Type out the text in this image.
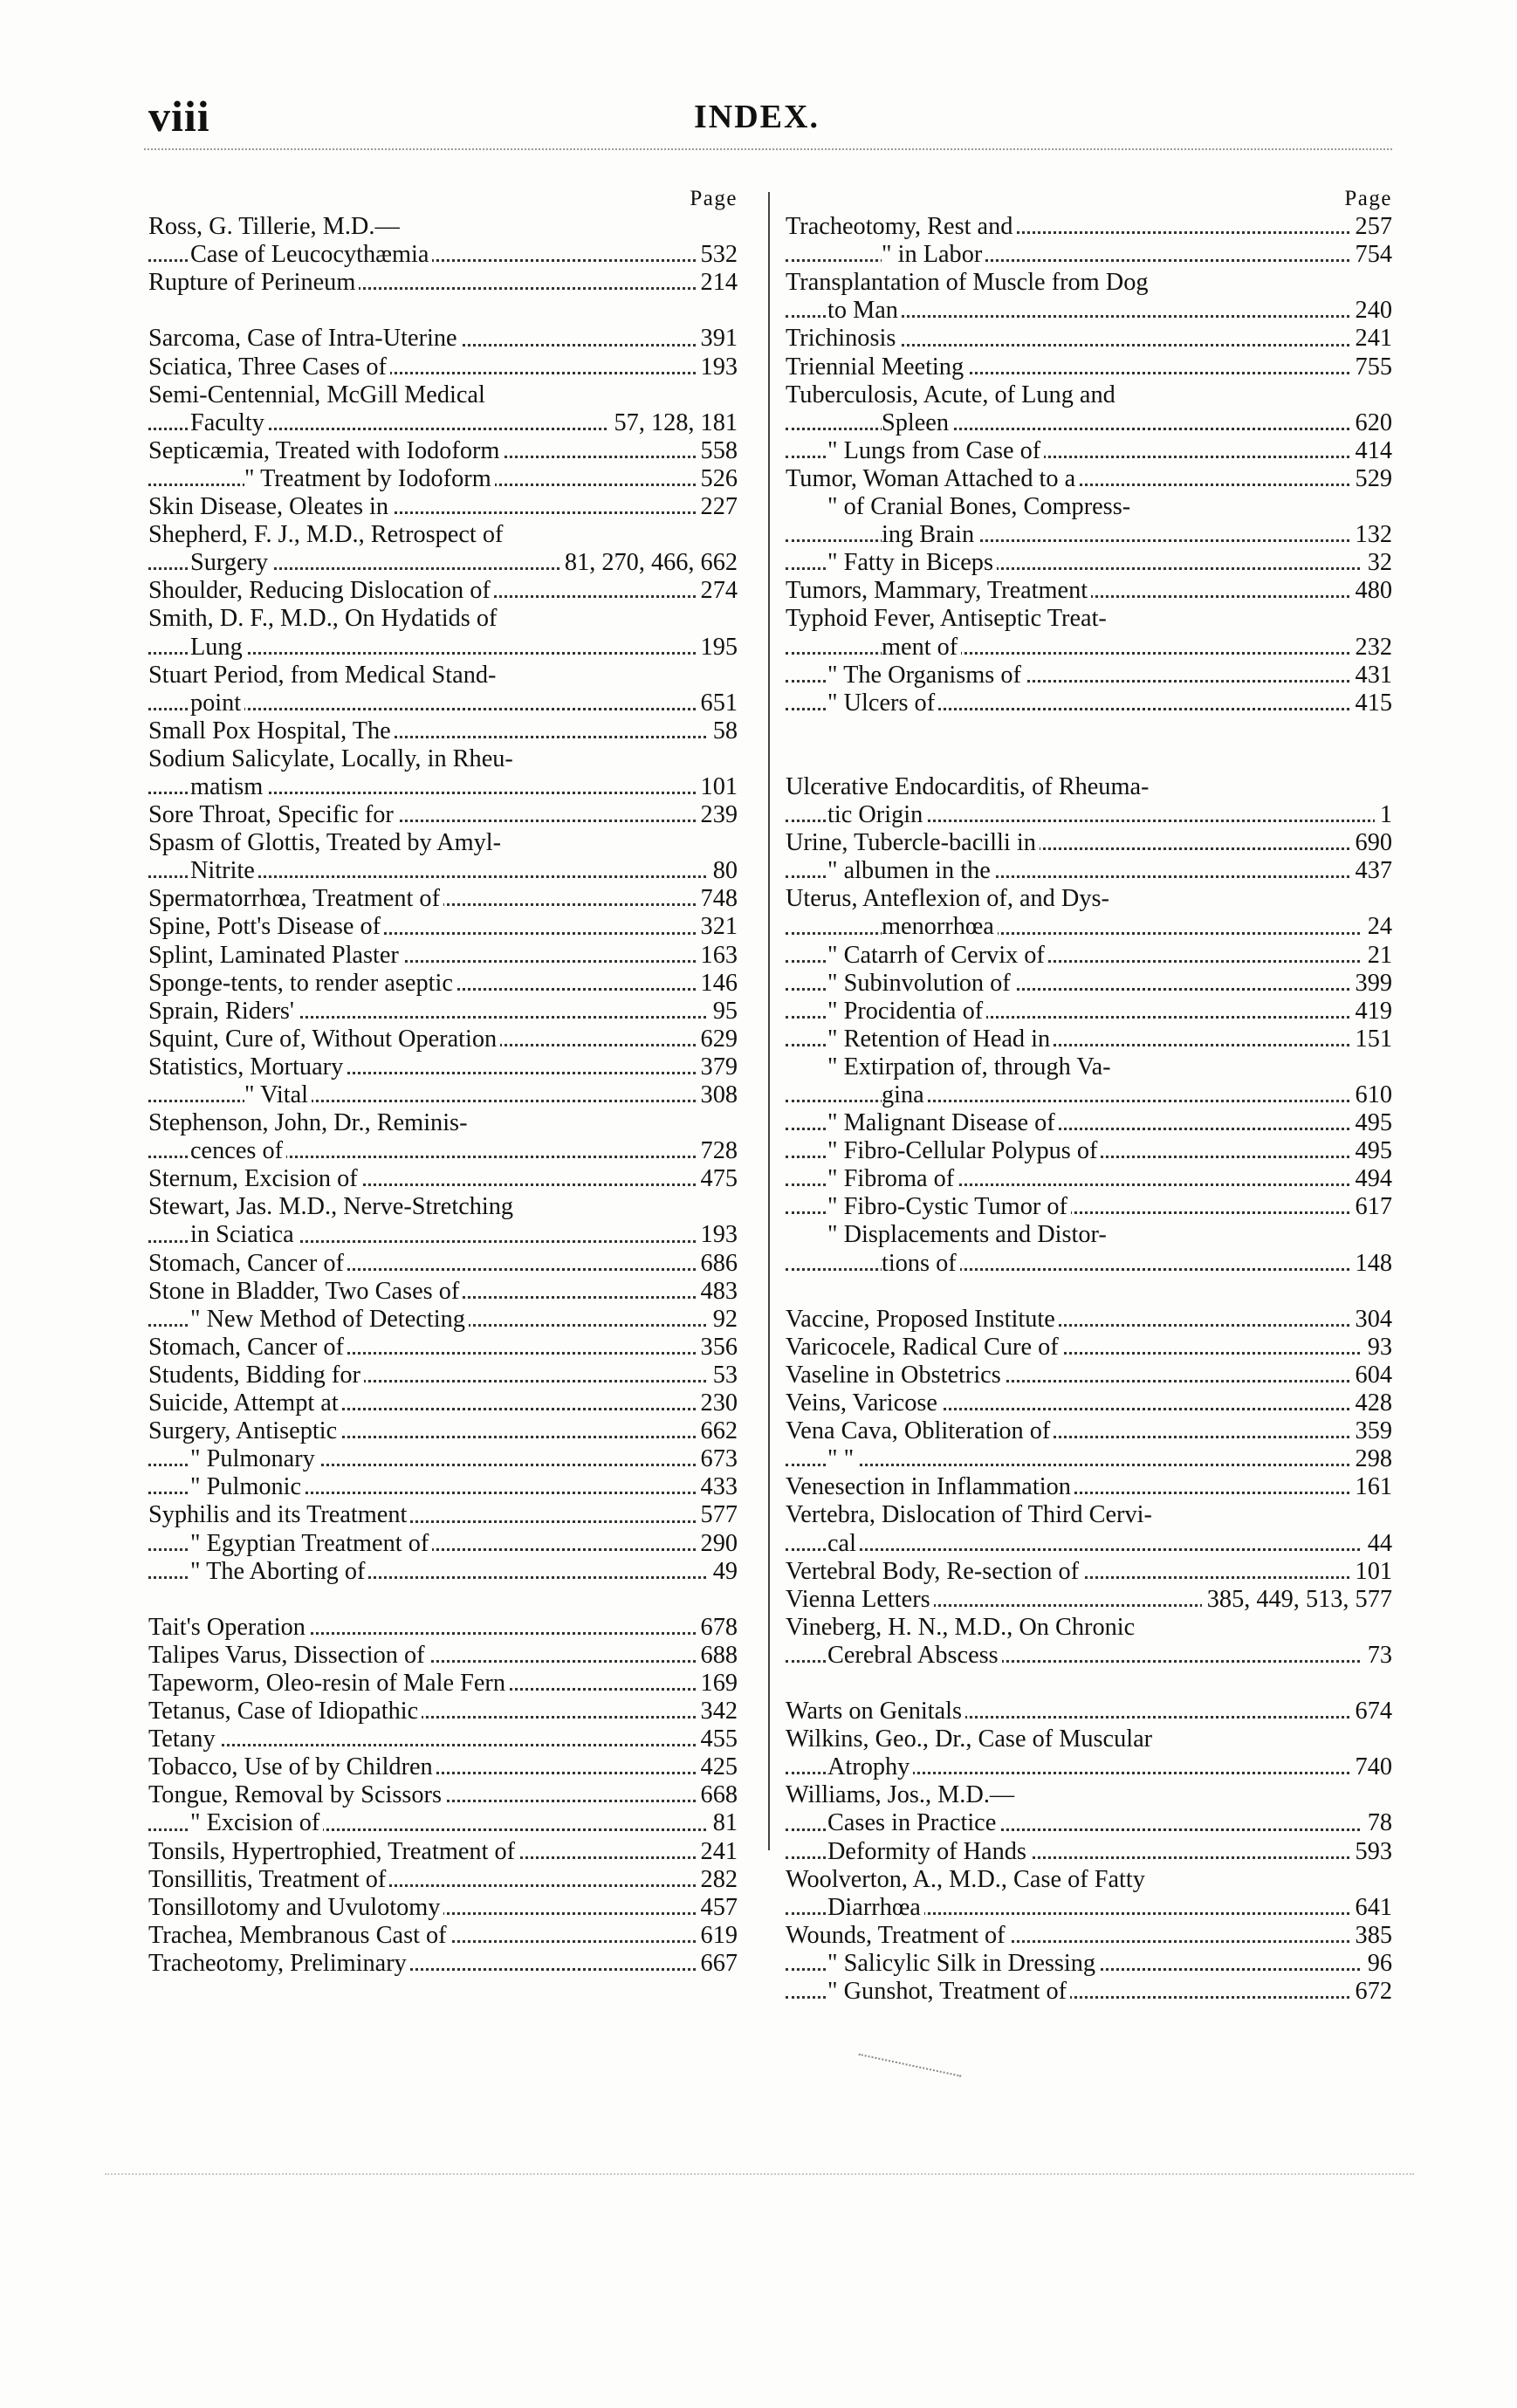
viii	INDEX.
Page
Ross, G. Tillerie, M.D.—
Case of Leucocythæmia	532
Rupture of Perineum	214
Sarcoma, Case of Intra-Uterine	391
Sciatica, Three Cases of	193
Semi-Centennial, McGill Medical
Faculty	57, 128, 181
Septicæmia, Treated with Iodoform	558
" Treatment by Iodoform	526
Skin Disease, Oleates in	227
Shepherd, F. J., M.D., Retrospect of
Surgery	81, 270, 466, 662
Shoulder, Reducing Dislocation of	274
Smith, D. F., M.D., On Hydatids of
Lung	195
Stuart Period, from Medical Stand-
point	651
Small Pox Hospital, The	58
Sodium Salicylate, Locally, in Rheu-
matism	101
Sore Throat, Specific for	239
Spasm of Glottis, Treated by Amyl-
Nitrite	80
Spermatorrhœa, Treatment of	748
Spine, Pott's Disease of	321
Splint, Laminated Plaster	163
Sponge-tents, to render aseptic	146
Sprain, Riders'	95
Squint, Cure of, Without Operation	629
Statistics, Mortuary	379
" Vital	308
Stephenson, John, Dr., Reminis-
cences of	728
Sternum, Excision of	475
Stewart, Jas. M.D., Nerve-Stretching
in Sciatica	193
Stomach, Cancer of	686
Stone in Bladder, Two Cases of	483
" New Method of Detecting	92
Stomach, Cancer of	356
Students, Bidding for	53
Suicide, Attempt at	230
Surgery, Antiseptic	662
" Pulmonary	673
" Pulmonic	433
Syphilis and its Treatment	577
" Egyptian Treatment of	290
" The Aborting of	49
Tait's Operation	678
Talipes Varus, Dissection of	688
Tapeworm, Oleo-resin of Male Fern	169
Tetanus, Case of Idiopathic	342
Tetany	455
Tobacco, Use of by Children	425
Tongue, Removal by Scissors	668
" Excision of	81
Tonsils, Hypertrophied, Treatment of	241
Tonsillitis, Treatment of	282
Tonsillotomy and Uvulotomy	457
Trachea, Membranous Cast of	619
Tracheotomy, Preliminary	667
Page
Tracheotomy, Rest and	257
" in Labor	754
Transplantation of Muscle from Dog
to Man	240
Trichinosis	241
Triennial Meeting	755
Tuberculosis, Acute, of Lung and
Spleen	620
" Lungs from Case of	414
Tumor, Woman Attached to a	529
" of Cranial Bones, Compress-
ing Brain	132
" Fatty in Biceps	32
Tumors, Mammary, Treatment	480
Typhoid Fever, Antiseptic Treat-
ment of	232
" The Organisms of	431
" Ulcers of	415
Ulcerative Endocarditis, of Rheuma-
tic Origin	1
Urine, Tubercle-bacilli in	690
" albumen in the	437
Uterus, Anteflexion of, and Dys-
menorrhœa	24
" Catarrh of Cervix of	21
" Subinvolution of	399
" Procidentia of	419
" Retention of Head in	151
" Extirpation of, through Va-
gina	610
" Malignant Disease of	495
" Fibro-Cellular Polypus of	495
" Fibroma of	494
" Fibro-Cystic Tumor of	617
" Displacements and Distor-
tions of	148
Vaccine, Proposed Institute	304
Varicocele, Radical Cure of	93
Vaseline in Obstetrics	604
Veins, Varicose	428
Vena Cava, Obliteration of	359
" "	298
Venesection in Inflammation	161
Vertebra, Dislocation of Third Cervi-
cal	44
Vertebral Body, Re-section of	101
Vienna Letters	385, 449, 513, 577
Vineberg, H. N., M.D., On Chronic
Cerebral Abscess	73
Warts on Genitals	674
Wilkins, Geo., Dr., Case of Muscular
Atrophy	740
Williams, Jos., M.D.—
Cases in Practice	78
Deformity of Hands	593
Woolverton, A., M.D., Case of Fatty
Diarrhœa	641
Wounds, Treatment of	385
" Salicylic Silk in Dressing	96
" Gunshot, Treatment of	672
